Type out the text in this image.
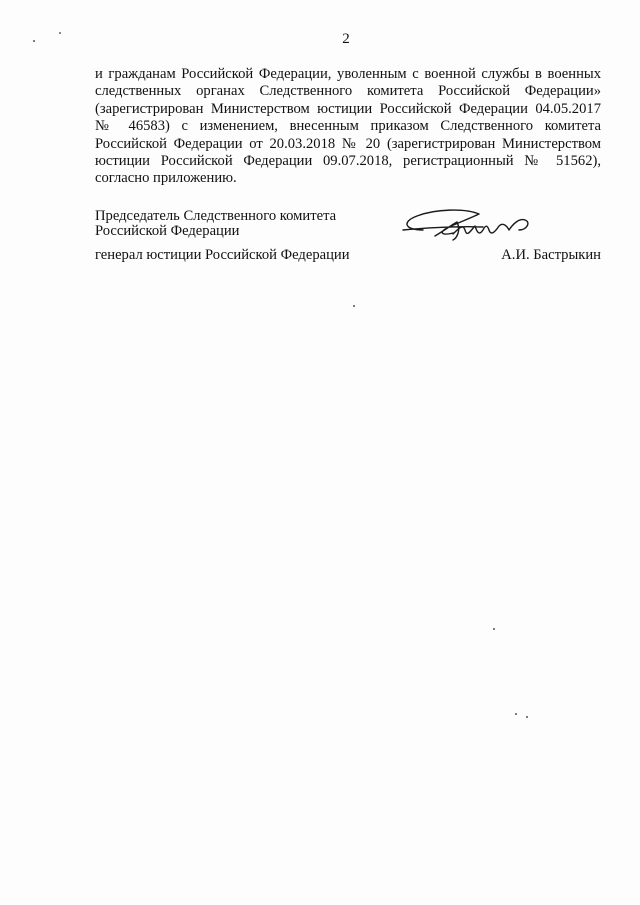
2
и гражданам Российской Федерации, уволенным с военной службы в военных
следственных органах Следственного комитета Российской Федерации»
(зарегистрирован Министерством юстиции Российской Федерации 04.05.2017
№ 46583) с изменением, внесенным приказом Следственного комитета
Российской Федерации от 20.03.2018 № 20 (зарегистрирован Министерством
юстиции Российской Федерации 09.07.2018, регистрационный № 51562),
согласно приложению.

Председатель Следственного комитета
Российской Федерации

генерал юстиции Российской Федерации	А.И. Бастрыкин
